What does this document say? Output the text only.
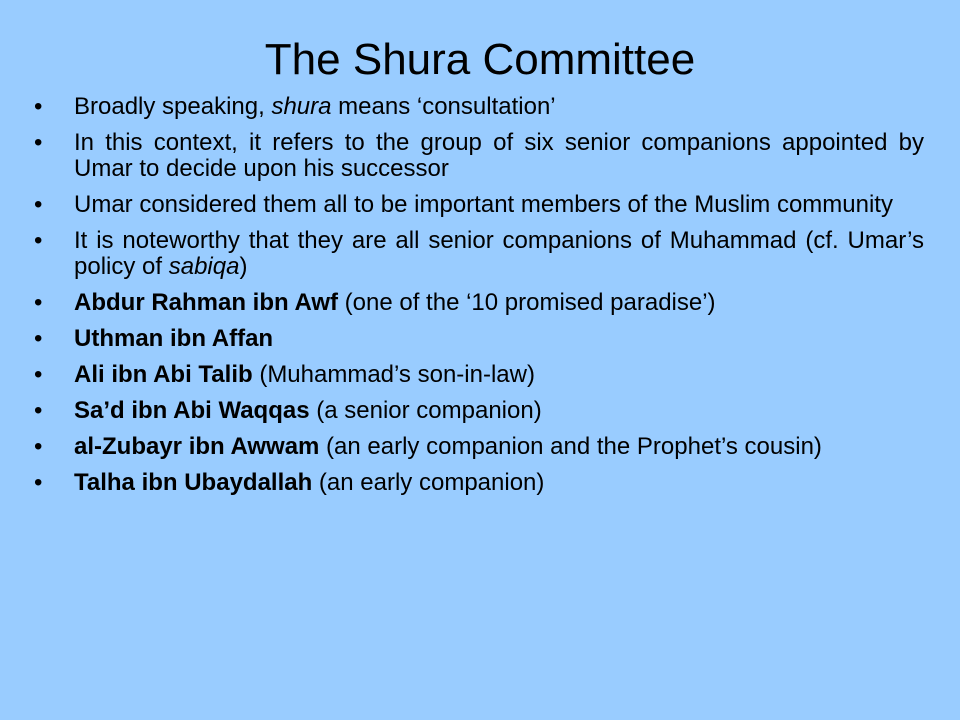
The Shura Committee
• Broadly speaking, shura means ‘consultation’
• In this context, it refers to the group of six senior companions appointed by Umar to decide upon his successor
• Umar considered them all to be important members of the Muslim community
• It is noteworthy that they are all senior companions of Muhammad (cf. Umar’s policy of sabiqa)
• Abdur Rahman ibn Awf (one of the ‘10 promised paradise’)
• Uthman ibn Affan
• Ali ibn Abi Talib (Muhammad’s son-in-law)
• Sa’d ibn Abi Waqqas (a senior companion)
• al-Zubayr ibn Awwam (an early companion and the Prophet’s cousin)
• Talha ibn Ubaydallah (an early companion)
